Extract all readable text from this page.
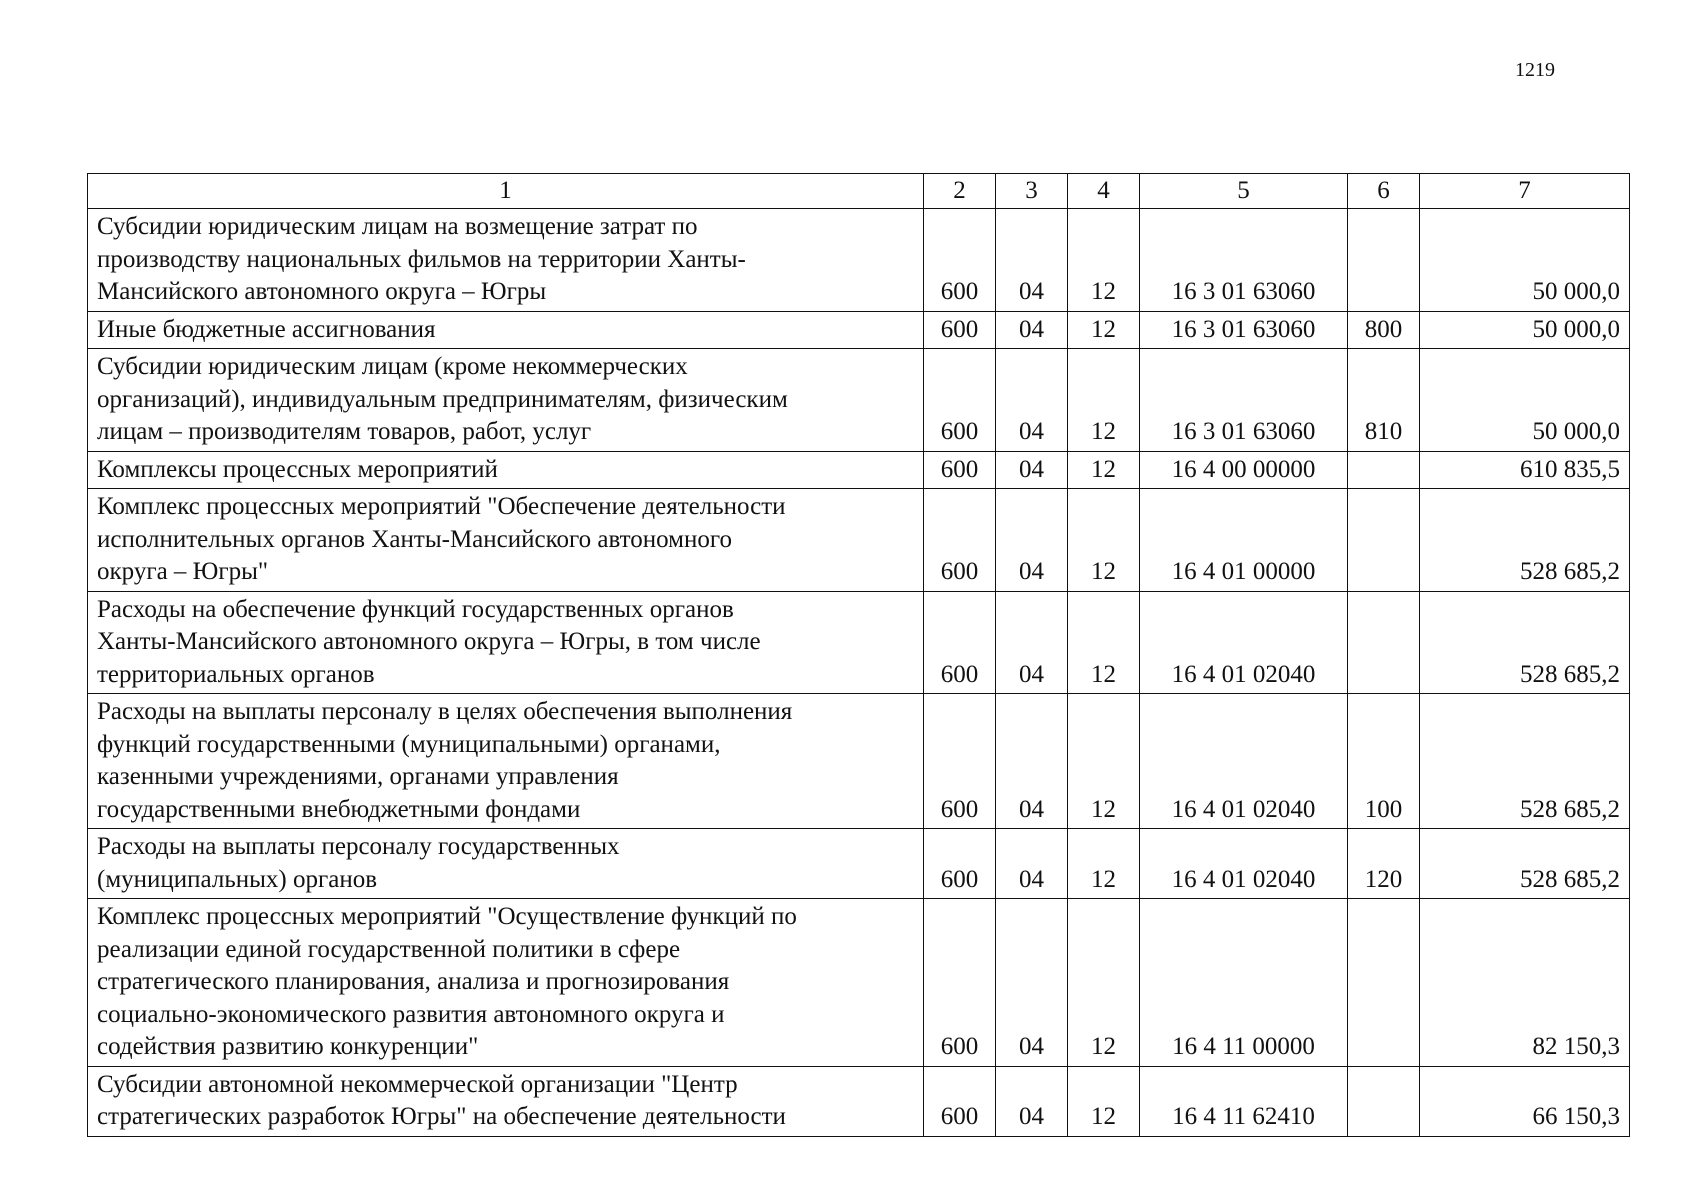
1219
1	2	3	4	5	6	7
Субсидии юридическим лицам на возмещение затрат по
производству национальных фильмов на территории Ханты-
Мансийского автономного округа – Югры	600	04	12	16 3 01 63060		50 000,0
Иные бюджетные ассигнования	600	04	12	16 3 01 63060	800	50 000,0
Субсидии юридическим лицам (кроме некоммерческих
организаций), индивидуальным предпринимателям, физическим
лицам – производителям товаров, работ, услуг	600	04	12	16 3 01 63060	810	50 000,0
Комплексы процессных мероприятий	600	04	12	16 4 00 00000		610 835,5
Комплекс процессных мероприятий "Обеспечение деятельности
исполнительных органов Ханты-Мансийского автономного
округа – Югры"	600	04	12	16 4 01 00000		528 685,2
Расходы на обеспечение функций государственных органов
Ханты-Мансийского автономного округа – Югры, в том числе
территориальных органов	600	04	12	16 4 01 02040		528 685,2
Расходы на выплаты персоналу в целях обеспечения выполнения
функций государственными (муниципальными) органами,
казенными учреждениями, органами управления
государственными внебюджетными фондами	600	04	12	16 4 01 02040	100	528 685,2
Расходы на выплаты персоналу государственных
(муниципальных) органов	600	04	12	16 4 01 02040	120	528 685,2
Комплекс процессных мероприятий "Осуществление функций по
реализации единой государственной политики в сфере
стратегического планирования, анализа и прогнозирования
социально-экономического развития автономного округа и
содействия развитию конкуренции"	600	04	12	16 4 11 00000		82 150,3
Субсидии автономной некоммерческой организации "Центр
стратегических разработок Югры" на обеспечение деятельности	600	04	12	16 4 11 62410		66 150,3
